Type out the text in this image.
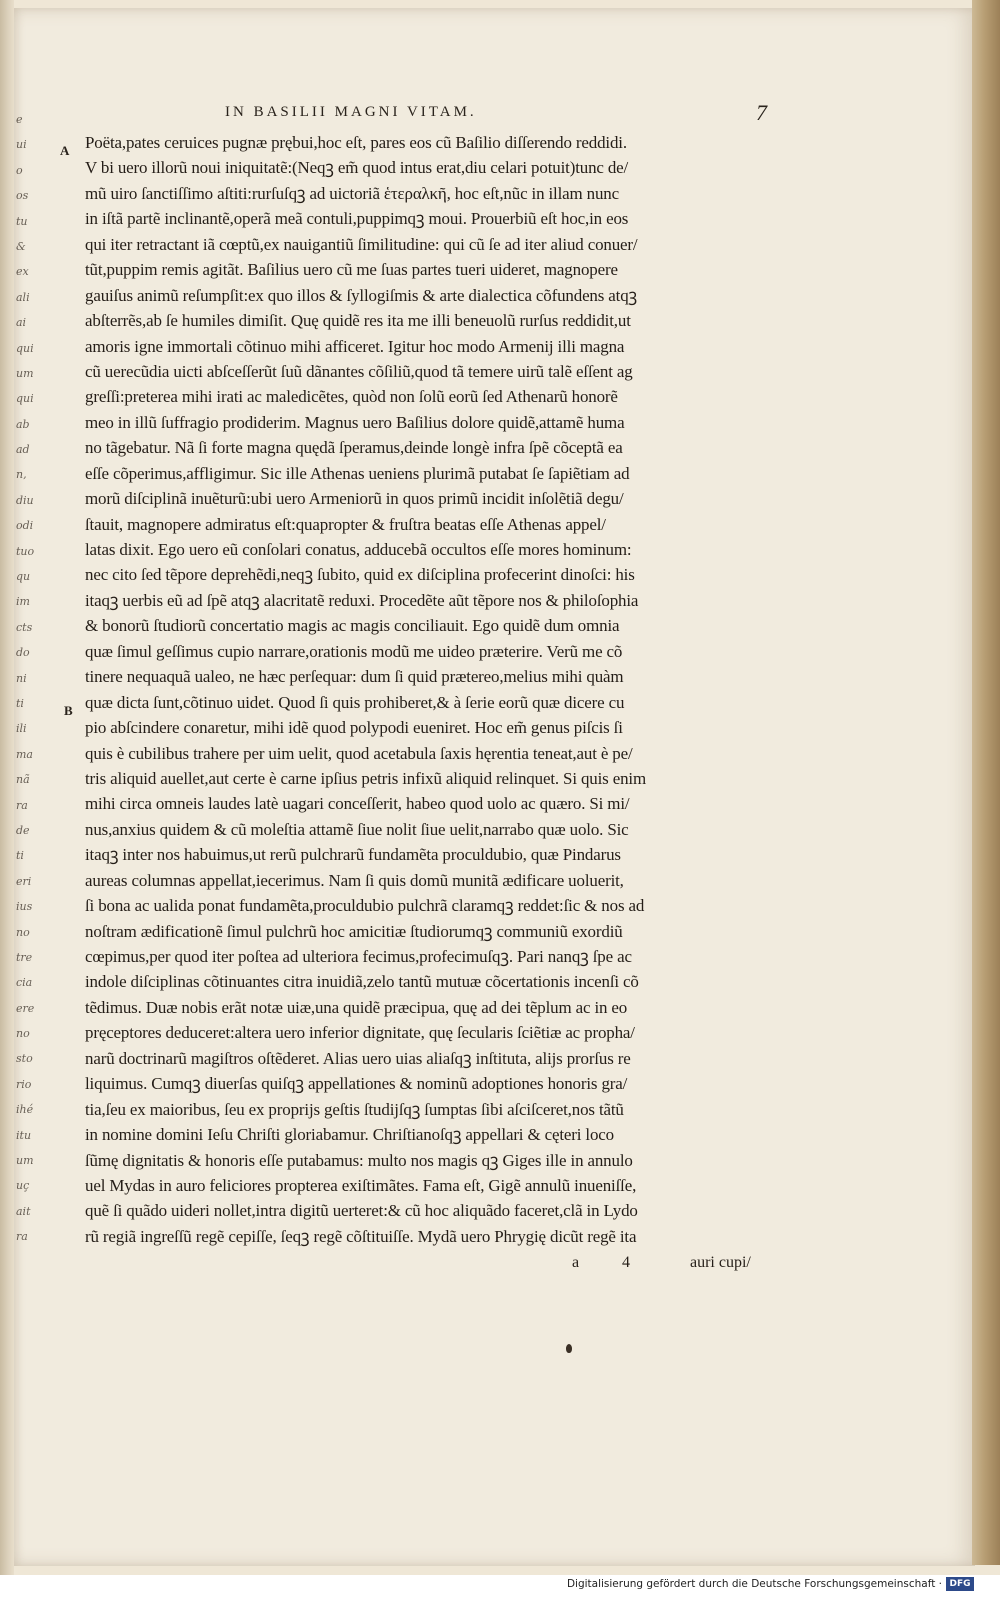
e
ui
o
os
tu
&
ex
ali
ai
qui
um
qui
ab
ad
n,
diu
odi
tuo
qu
im
cts
do
ni
ti
ili
ma
nã
ra
de
ti
eri
ius
no
tre
cia
ere
no
sto
rio
ihé
itu
um
uç
ait
ra
IN BASILII MAGNI VITAM.	7
A
B
Poëta,pates ceruices pugnæ prębui,hoc eſt, pares eos cũ Baſilio diſſerendo reddidi.
V bi uero illorũ noui iniquitatẽ:(Neqꝫ em̃ quod intus erat,diu celari potuit)tunc de/
mũ uiro ſanctiſſimo aſtiti:rurſuſqꝫ ad uictoriã ἑτεραλκῆ, hoc eſt,nũc in illam nunc
in iſtã partẽ inclinantẽ,operã meã contuli,puppimqꝫ moui. Prouerbiũ eſt hoc,in eos
qui iter retractant iã cœptũ,ex nauigantiũ ſimilitudine: qui cũ ſe ad iter aliud conuer/
tũt,puppim remis agitãt. Baſilius uero cũ me ſuas partes tueri uideret, magnopere
gauiſus animũ reſumpſit:ex quo illos & ſyllogiſmis & arte dialectica cõfundens atqꝫ
abſterrẽs,ab ſe humiles dimiſit. Quę quidẽ res ita me illi beneuolũ rurſus reddidit,ut
amoris igne immortali cõtinuo mihi afficeret. Igitur hoc modo Armenij illi magna
cũ uerecũdia uicti abſceſſerũt ſuũ dãnantes cõſiliũ,quod tã temere uirũ talẽ eſſent ag
greſſi:preterea mihi irati ac maledicẽtes, quòd non ſolũ eorũ ſed Athenarũ honorẽ
meo in illũ ſuffragio prodiderim. Magnus uero Baſilius dolore quidẽ,attamẽ huma
no tãgebatur. Nã ſi forte magna quędã ſperamus,deinde longè infra ſpẽ cõceptã ea
eſſe cõperimus,affligimur. Sic ille Athenas ueniens plurimã putabat ſe ſapiẽtiam ad
morũ diſciplinã inuẽturũ:ubi uero Armeniorũ in quos primũ incidit inſolẽtiã degu/
ſtauit, magnopere admiratus eſt:quapropter & fruſtra beatas eſſe Athenas appel/
latas dixit. Ego uero eũ conſolari conatus, adducebã occultos eſſe mores hominum:
nec cito ſed tẽpore deprehẽdi,neqꝫ ſubito, quid ex diſciplina profecerint dinoſci: his
itaqꝫ uerbis eũ ad ſpẽ atqꝫ alacritatẽ reduxi. Procedẽte aũt tẽpore nos & philoſophia
& bonorũ ſtudiorũ concertatio magis ac magis conciliauit. Ego quidẽ dum omnia
quæ ſimul geſſimus cupio narrare,orationis modũ me uideo præterire. Verũ me cõ
tinere nequaquã ualeo, ne hæc perſequar: dum ſi quid prætereo,melius mihi quàm
quæ dicta ſunt,cõtinuo uidet. Quod ſi quis prohiberet,& à ſerie eorũ quæ dicere cu
pio abſcindere conaretur, mihi idẽ quod polypodi eueniret. Hoc em̃ genus piſcis ſi
quis è cubilibus trahere per uim uelit, quod acetabula ſaxis hęrentia teneat,aut è pe/
tris aliquid auellet,aut certe è carne ipſius petris infixũ aliquid relinquet. Si quis enim
mihi circa omneis laudes latè uagari conceſſerit, habeo quod uolo ac quæro. Si mi/
nus,anxius quidem & cũ moleſtia attamẽ ſiue nolit ſiue uelit,narrabo quæ uolo. Sic
itaqꝫ inter nos habuimus,ut rerũ pulchrarũ fundamẽta proculdubio, quæ Pindarus
aureas columnas appellat,iecerimus. Nam ſi quis domũ munitã ædificare uoluerit,
ſi bona ac ualida ponat fundamẽta,proculdubio pulchrã claramqꝫ reddet:ſic & nos ad
noſtram ædificationẽ ſimul pulchrũ hoc amicitiæ ſtudiorumqꝫ communiũ exordiũ
cœpimus,per quod iter poſtea ad ulteriora fecimus,profecimuſqꝫ. Pari nanqꝫ ſpe ac
indole diſciplinas cõtinuantes citra inuidiã,zelo tantũ mutuæ cõcertationis incenſi cõ
tẽdimus. Duæ nobis erãt notæ uiæ,una quidẽ præcipua, quę ad dei tẽplum ac in eo
pręceptores deduceret:altera uero inferior dignitate, quę ſecularis ſciẽtiæ ac propha/
narũ doctrinarũ magiſtros oſtẽderet. Alias uero uias aliaſqꝫ inſtituta, alijs prorſus re
liquimus. Cumqꝫ diuerſas quiſqꝫ appellationes & nominũ adoptiones honoris gra/
tia,ſeu ex maioribus, ſeu ex proprijs geſtis ſtudijſqꝫ ſumptas ſibi aſciſceret,nos tãtũ
in nomine domini Ieſu Chriſti gloriabamur. Chriſtianoſqꝫ appellari & cęteri loco
ſũmę dignitatis & honoris eſſe putabamus: multo nos magis qꝫ Giges ille in annulo
uel Mydas in auro feliciores propterea exiſtimãtes. Fama eſt, Gigẽ annulũ inueniſſe,
quẽ ſi quãdo uideri nollet,intra digitũ uerteret:& cũ hoc aliquãdo faceret,clã in Lydo
rũ regiã ingreſſũ regẽ cepiſſe, ſeqꝫ regẽ cõſtituiſſe. Mydã uero Phrygię dicũt regẽ ita
a	4	auri cupi/
Digitalisierung gefördert durch die Deutsche Forschungsgemeinschaft · DFG
